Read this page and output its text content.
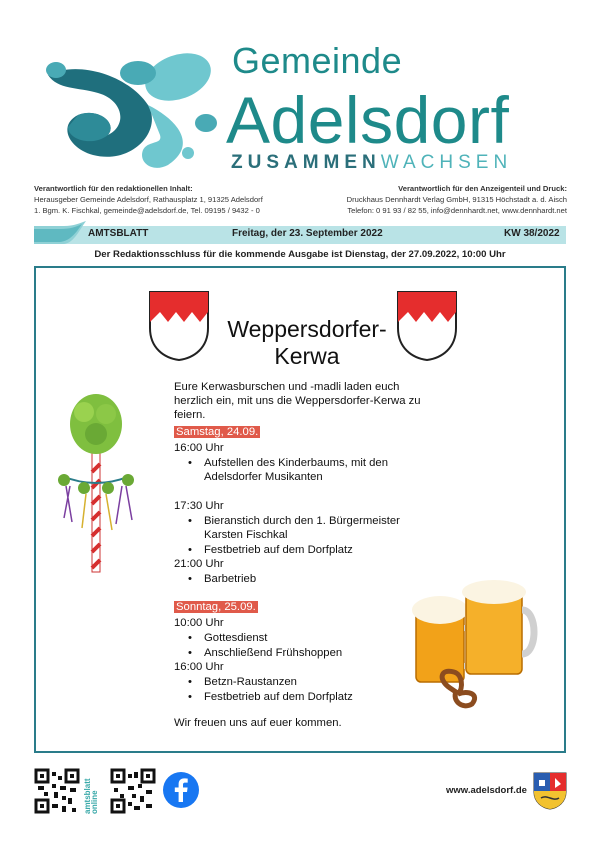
Gemeinde
Adelsdorf
ZUSAMMENWACHSEN
Verantwortlich für den redaktionellen Inhalt:
Herausgeber Gemeinde Adelsdorf, Rathausplatz 1, 91325 Adelsdorf
1. Bgm. K. Fischkal, gemeinde@adelsdorf.de, Tel. 09195 / 9432 - 0
Verantwortlich für den Anzeigenteil und Druck:
Druckhaus Dennhardt Verlag GmbH, 91315 Höchstadt a. d. Aisch
Telefon: 0 91 93 / 82 55, info@dennhardt.net, www.dennhardt.net
AMTSBLATT	Freitag, der 23. September 2022	KW 38/2022
Der Redaktionsschluss für die kommende Ausgabe ist Dienstag, der 27.09.2022, 10:00 Uhr
Weppersdorfer-
Kerwa
Eure Kerwasburschen und -madli laden euch
herzlich ein, mit uns die Weppersdorfer-Kerwa zu
feiern.
Samstag, 24.09.
16:00 Uhr
• Aufstellen des Kinderbaums, mit den
Adelsdorfer Musikanten
17:30 Uhr
• Bieranstich durch den 1. Bürgermeister
Karsten Fischkal
• Festbetrieb auf dem Dorfplatz
21:00 Uhr
• Barbetrieb
Sonntag, 25.09.
10:00 Uhr
• Gottesdienst
• Anschließend Frühshoppen
16:00 Uhr
• Betzn-Raustanzen
• Festbetrieb auf dem Dorfplatz
Wir freuen uns auf euer kommen.
amtsblatt
online	www.adelsdorf.de
